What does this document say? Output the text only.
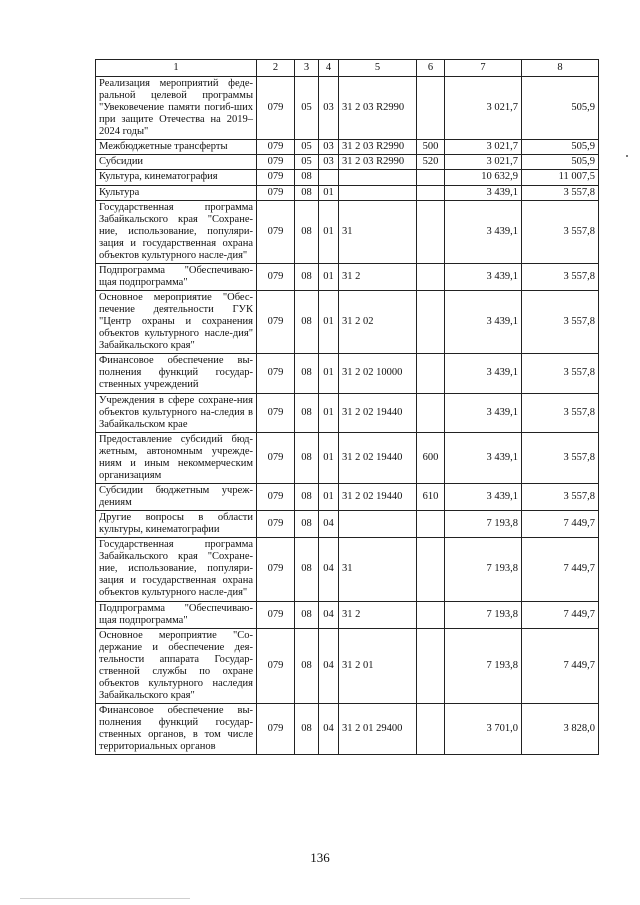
1	2	3	4	5	6	7	8
Реализация мероприятий феде-ральной целевой программы "Увековечение памяти погиб-ших при защите Отечества на 2019–2024 годы"	079	05	03	31 2 03 R2990		3 021,7	505,9
Межбюджетные трансферты	079	05	03	31 2 03 R2990	500	3 021,7	505,9
Субсидии	079	05	03	31 2 03 R2990	520	3 021,7	505,9
Культура, кинематография	079	08				10 632,9	11 007,5
Культура	079	08	01			3 439,1	3 557,8
Государственная программа Забайкальского края "Сохране-ние, использование, популяри-зация и государственная охрана объектов культурного насле-дия"	079	08	01	31		3 439,1	3 557,8
Подпрограмма "Обеспечиваю-щая подпрограмма"	079	08	01	31 2		3 439,1	3 557,8
Основное мероприятие "Обес-печение деятельности ГУК "Центр охраны и сохранения объектов культурного насле-дия" Забайкальского края"	079	08	01	31 2 02		3 439,1	3 557,8
Финансовое обеспечение вы-полнения функций государ-ственных учреждений	079	08	01	31 2 02 10000		3 439,1	3 557,8
Учреждения в сфере сохране-ния объектов культурного на-следия в Забайкальском крае	079	08	01	31 2 02 19440		3 439,1	3 557,8
Предоставление субсидий бюд-жетным, автономным учрежде-ниям и иным некоммерческим организациям	079	08	01	31 2 02 19440	600	3 439,1	3 557,8
Субсидии бюджетным учреж-дениям	079	08	01	31 2 02 19440	610	3 439,1	3 557,8
Другие вопросы в области культуры, кинематографии	079	08	04			7 193,8	7 449,7
Государственная программа Забайкальского края "Сохране-ние, использование, популяри-зация и государственная охрана объектов культурного насле-дия"	079	08	04	31		7 193,8	7 449,7
Подпрограмма "Обеспечиваю-щая подпрограмма"	079	08	04	31 2		7 193,8	7 449,7
Основное мероприятие "Со-держание и обеспечение дея-тельности аппарата Государ-ственной службы по охране объектов культурного наследия Забайкальского края"	079	08	04	31 2 01		7 193,8	7 449,7
Финансовое обеспечение вы-полнения функций государ-ственных органов, в том числе территориальных органов	079	08	04	31 2 01 29400		3 701,0	3 828,0
136
